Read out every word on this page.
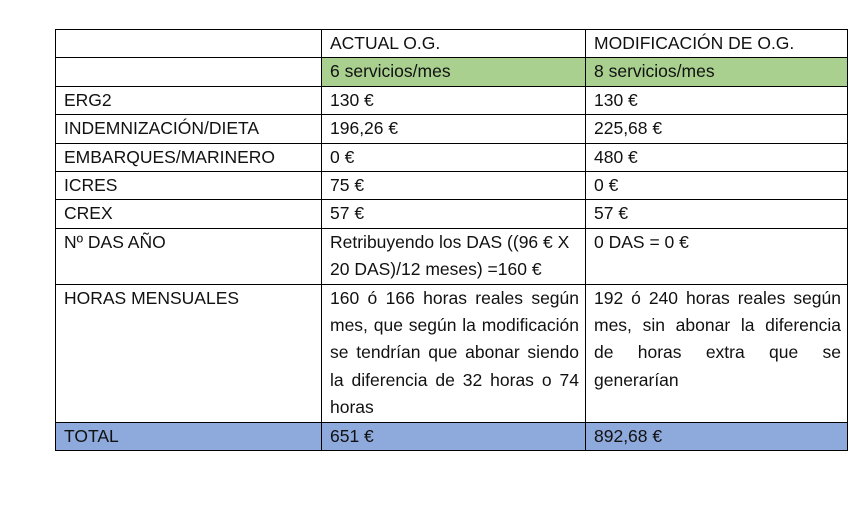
	ACTUAL O.G.	MODIFICACIÓN DE O.G.
	6 servicios/mes	8 servicios/mes
ERG2	130 €	130 €
INDEMNIZACIÓN/DIETA	196,26 €	225,68 €
EMBARQUES/MARINERO	0 €	480 €
ICRES	75 €	0 €
CREX	57 €	57 €
Nº DAS AÑO	Retribuyendo los DAS ((96 € X 20 DAS)/12 meses) =160 €	0 DAS = 0 €
HORAS MENSUALES	160 ó 166 horas reales según mes, que según la modificación se tendrían que abonar siendo la diferencia de 32 horas o 74 horas	192 ó 240 horas reales según mes, sin abonar la diferencia de horas extra que se generarían
TOTAL	651 €	892,68 €
